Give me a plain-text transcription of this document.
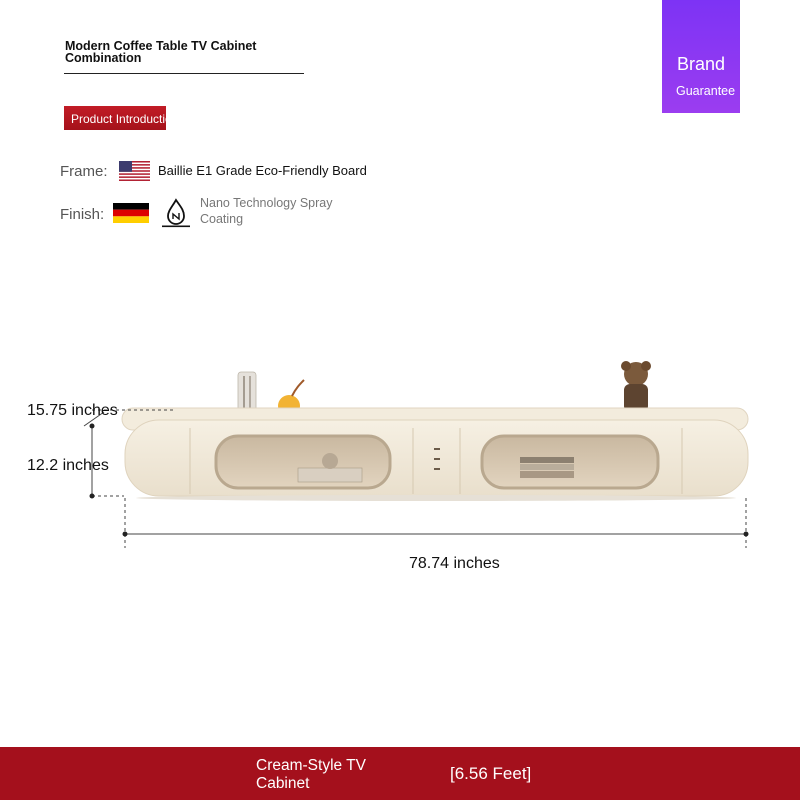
Modern Coffee Table TV Cabinet Combination	Brand
Guarantee
Product Introduction
Frame:	Baillie E1 Grade Eco-Friendly Board
Finish:
Nano Technology Spray Coating
15.75 inches
12.2 inches
78.74 inches
Cream-Style TV Cabinet
[6.56 Feet]
